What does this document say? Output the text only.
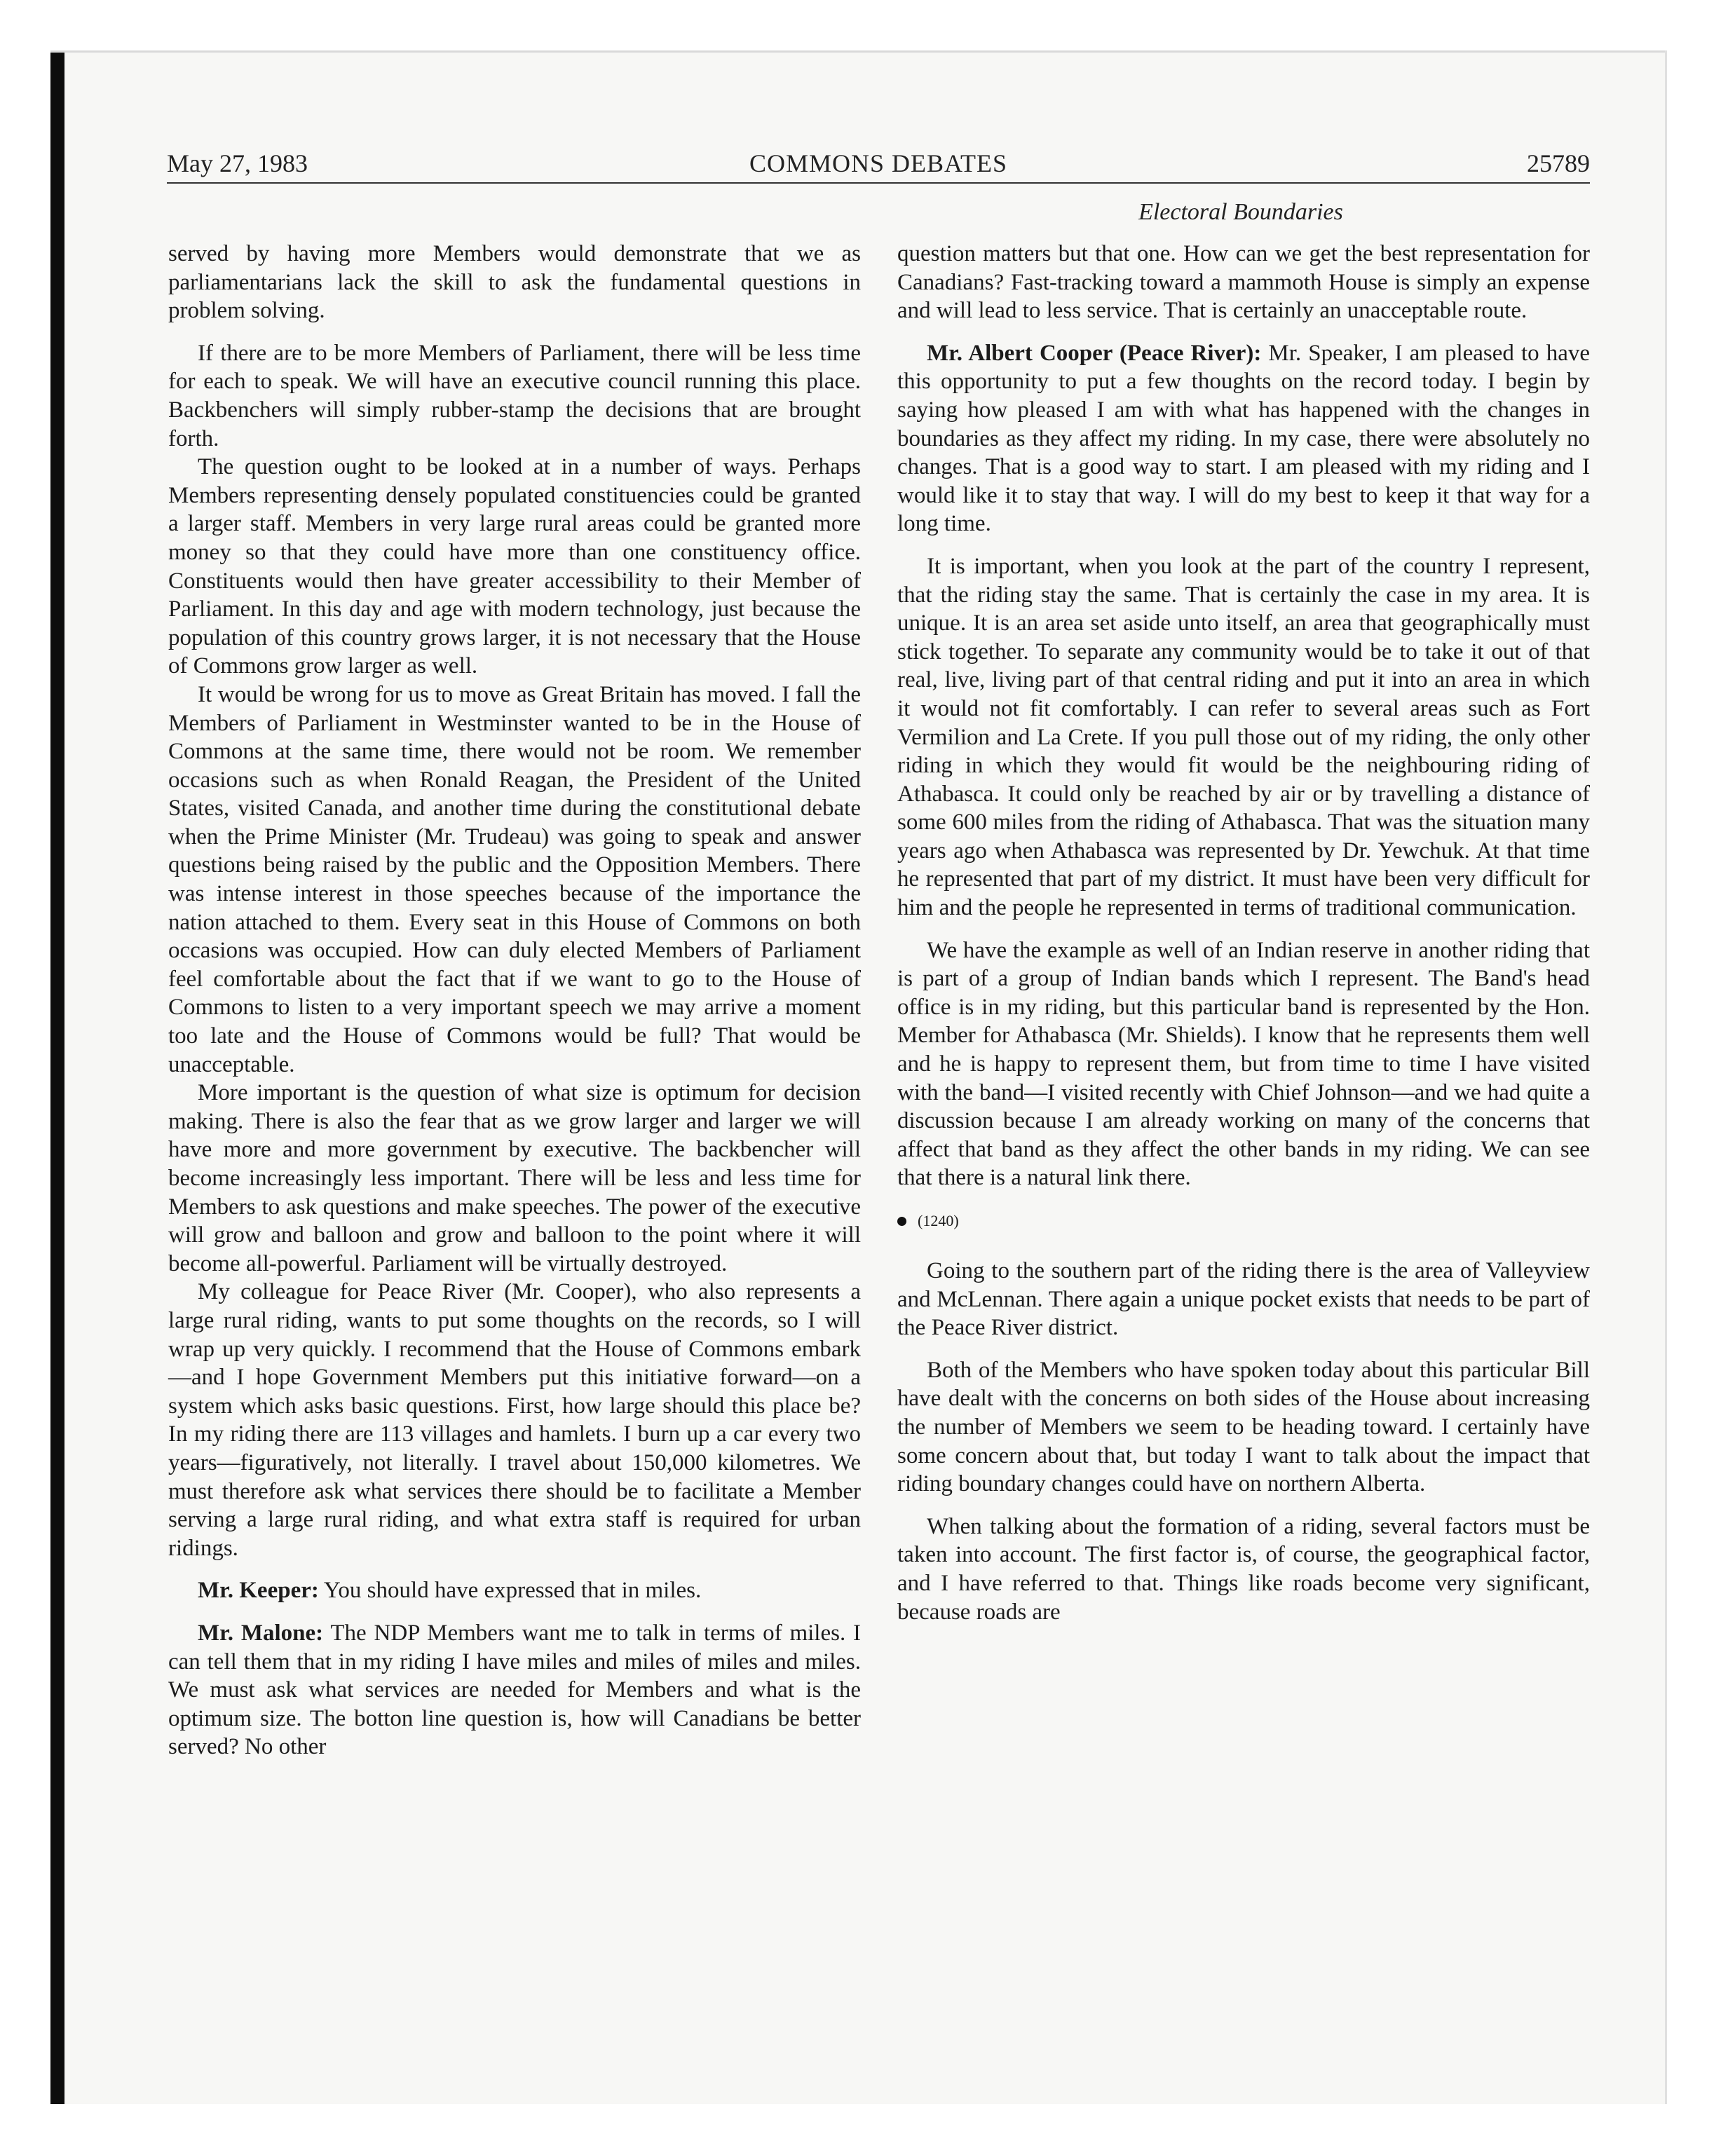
May 27, 1983	COMMONS DEBATES	25789
Electoral Boundaries

served by having more Members would demonstrate that we as parliamentarians lack the skill to ask the fundamental questions in problem solving.

If there are to be more Members of Parliament, there will be less time for each to speak. We will have an executive council running this place. Backbenchers will simply rubber-stamp the decisions that are brought forth.

The question ought to be looked at in a number of ways. Perhaps Members representing densely populated constituencies could be granted a larger staff. Members in very large rural areas could be granted more money so that they could have more than one constituency office. Constituents would then have greater accessibility to their Member of Parliament. In this day and age with modern technology, just because the population of this country grows larger, it is not necessary that the House of Commons grow larger as well.

It would be wrong for us to move as Great Britain has moved. I fall the Members of Parliament in Westminster wanted to be in the House of Commons at the same time, there would not be room. We remember occasions such as when Ronald Reagan, the President of the United States, visited Canada, and another time during the constitutional debate when the Prime Minister (Mr. Trudeau) was going to speak and answer questions being raised by the public and the Opposition Members. There was intense interest in those speeches because of the importance the nation attached to them. Every seat in this House of Commons on both occasions was occupied. How can duly elected Members of Parliament feel comfortable about the fact that if we want to go to the House of Commons to listen to a very important speech we may arrive a moment too late and the House of Commons would be full? That would be unacceptable.

More important is the question of what size is optimum for decision making. There is also the fear that as we grow larger and larger we will have more and more government by executive. The backbencher will become increasingly less important. There will be less and less time for Members to ask questions and make speeches. The power of the executive will grow and balloon and grow and balloon to the point where it will become all-powerful. Parliament will be virtually destroyed.

My colleague for Peace River (Mr. Cooper), who also represents a large rural riding, wants to put some thoughts on the records, so I will wrap up very quickly. I recommend that the House of Commons embark—and I hope Government Members put this initiative forward—on a system which asks basic questions. First, how large should this place be? In my riding there are 113 villages and hamlets. I burn up a car every two years—figuratively, not literally. I travel about 150,000 kilometres. We must therefore ask what services there should be to facilitate a Member serving a large rural riding, and what extra staff is required for urban ridings.

Mr. Keeper: You should have expressed that in miles.

Mr. Malone: The NDP Members want me to talk in terms of miles. I can tell them that in my riding I have miles and miles of miles and miles. We must ask what services are needed for Members and what is the optimum size. The botton line question is, how will Canadians be better served? No other

question matters but that one. How can we get the best representation for Canadians? Fast-tracking toward a mammoth House is simply an expense and will lead to less service. That is certainly an unacceptable route.

Mr. Albert Cooper (Peace River): Mr. Speaker, I am pleased to have this opportunity to put a few thoughts on the record today. I begin by saying how pleased I am with what has happened with the changes in boundaries as they affect my riding. In my case, there were absolutely no changes. That is a good way to start. I am pleased with my riding and I would like it to stay that way. I will do my best to keep it that way for a long time.

It is important, when you look at the part of the country I represent, that the riding stay the same. That is certainly the case in my area. It is unique. It is an area set aside unto itself, an area that geographically must stick together. To separate any community would be to take it out of that real, live, living part of that central riding and put it into an area in which it would not fit comfortably. I can refer to several areas such as Fort Vermilion and La Crete. If you pull those out of my riding, the only other riding in which they would fit would be the neighbouring riding of Athabasca. It could only be reached by air or by travelling a distance of some 600 miles from the riding of Athabasca. That was the situation many years ago when Athabasca was represented by Dr. Yewchuk. At that time he represented that part of my district. It must have been very difficult for him and the people he represented in terms of traditional communication.

We have the example as well of an Indian reserve in another riding that is part of a group of Indian bands which I represent. The Band's head office is in my riding, but this particular band is represented by the Hon. Member for Athabasca (Mr. Shields). I know that he represents them well and he is happy to represent them, but from time to time I have visited with the band—I visited recently with Chief Johnson—and we had quite a discussion because I am already working on many of the concerns that affect that band as they affect the other bands in my riding. We can see that there is a natural link there.

(1240)

Going to the southern part of the riding there is the area of Valleyview and McLennan. There again a unique pocket exists that needs to be part of the Peace River district.

Both of the Members who have spoken today about this particular Bill have dealt with the concerns on both sides of the House about increasing the number of Members we seem to be heading toward. I certainly have some concern about that, but today I want to talk about the impact that riding boundary changes could have on northern Alberta.

When talking about the formation of a riding, several factors must be taken into account. The first factor is, of course, the geographical factor, and I have referred to that. Things like roads become very significant, because roads are
